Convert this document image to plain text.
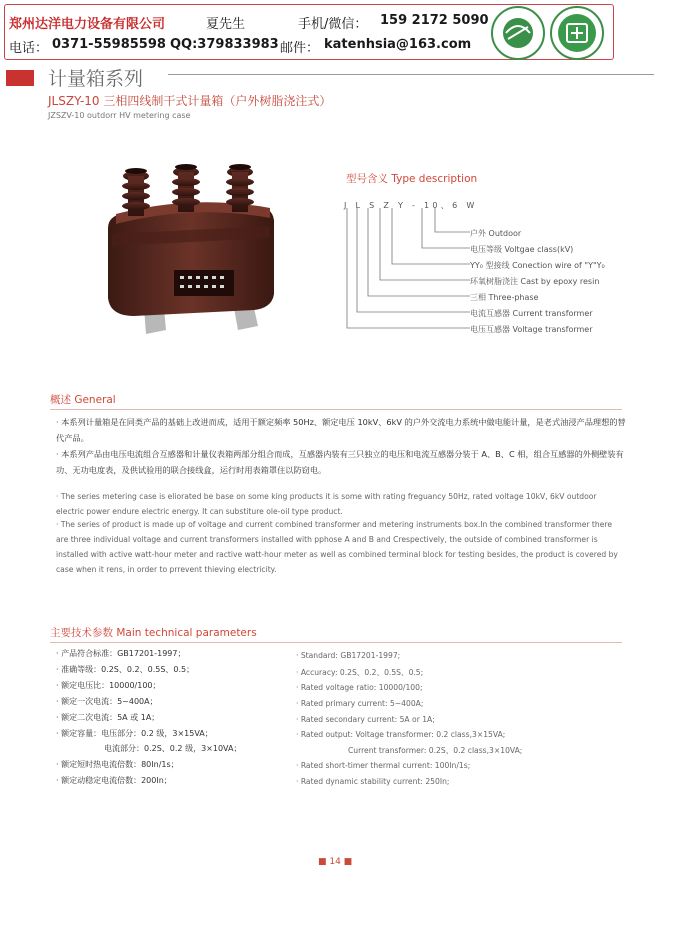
郑州达洋电力设备有限公司	夏先生	手机/微信： 159 2172 5090
电话： 0371-55985598 QQ:379833983 邮件： katenhsia@163.com
计量箱系列
JLSZY-10 三相四线制干式计量箱（户外树脂浇注式）
JZSZV-10 outdorr HV metering case
型号含义 Type description
J L S Z Y - 10、6 W
户外 Outdoor
电压等级 Voltgae class(kV)
YY₀ 型接线 Conection wire of "Y"Y₀
环氧树脂浇注 Cast by epoxy resin
三相 Three-phase
电流互感器 Current transformer
电压互感器 Voltage transformer
概述 General
· 本系列计量箱是在同类产品的基础上改进而成，适用于额定频率 50Hz、额定电压 10kV、6kV 的户外交流电力系统中做电能计量，是老式油浸产品理想的替代产品。
· 本系列产品由电压电流组合互感器和计量仪表箱两部分组合而成，互感器内装有三只独立的电压和电流互感器分装于 A、B、C 相，组合互感器的外侧壁装有功、无功电度表，及供试验用的联合接线盒，运行时用表箱罩住以防窃电。
· The series metering case is eliorated be base on some king products it is some with rating freguancy 50Hz, rated voltage 10kV, 6kV outdoor electric power endure electric energy. It can substiture ole-oil type product.
· The series of product is made up of voltage and current combined transformer and metering instruments box.In the combined transformer there are three individual voltage and current transformers installed with pphose A and B and Crespectively, the outside of combined transformer is installed with active watt-hour meter and ractive watt-hour meter as well as combined terminal block for testing besides, the product is covered by case when it rens, in order to prrevent thieving electricity.
主要技术参数 Main technical parameters
· 产品符合标准：GB17201-1997；
· 准确等级：0.2S、0.2、0.5S、0.5；
· 额定电压比：10000/100；
· 额定一次电流：5~400A；
· 额定二次电流：5A 或 1A；
· 额定容量：电压部分：0.2 级，3×15VA；
电流部分：0.2S、0.2 级，3×10VA；
· 额定短时热电流倍数：80In/1s；
· 额定动稳定电流倍数：200In；
· Standard: GB17201-1997;
· Accuracy: 0.2S、0.2、0.5S、0.5;
· Rated voltage ratio: 10000/100;
· Rated primary current: 5~400A;
· Rated secondary current: 5A or 1A;
· Rated output: Voltage transformer: 0.2 class,3×15VA;
Current transformer: 0.2S、0.2 class,3×10VA;
· Rated short-timer thermal current: 100In/1s;
· Rated dynamic stability current: 250In;
■ 14 ■
